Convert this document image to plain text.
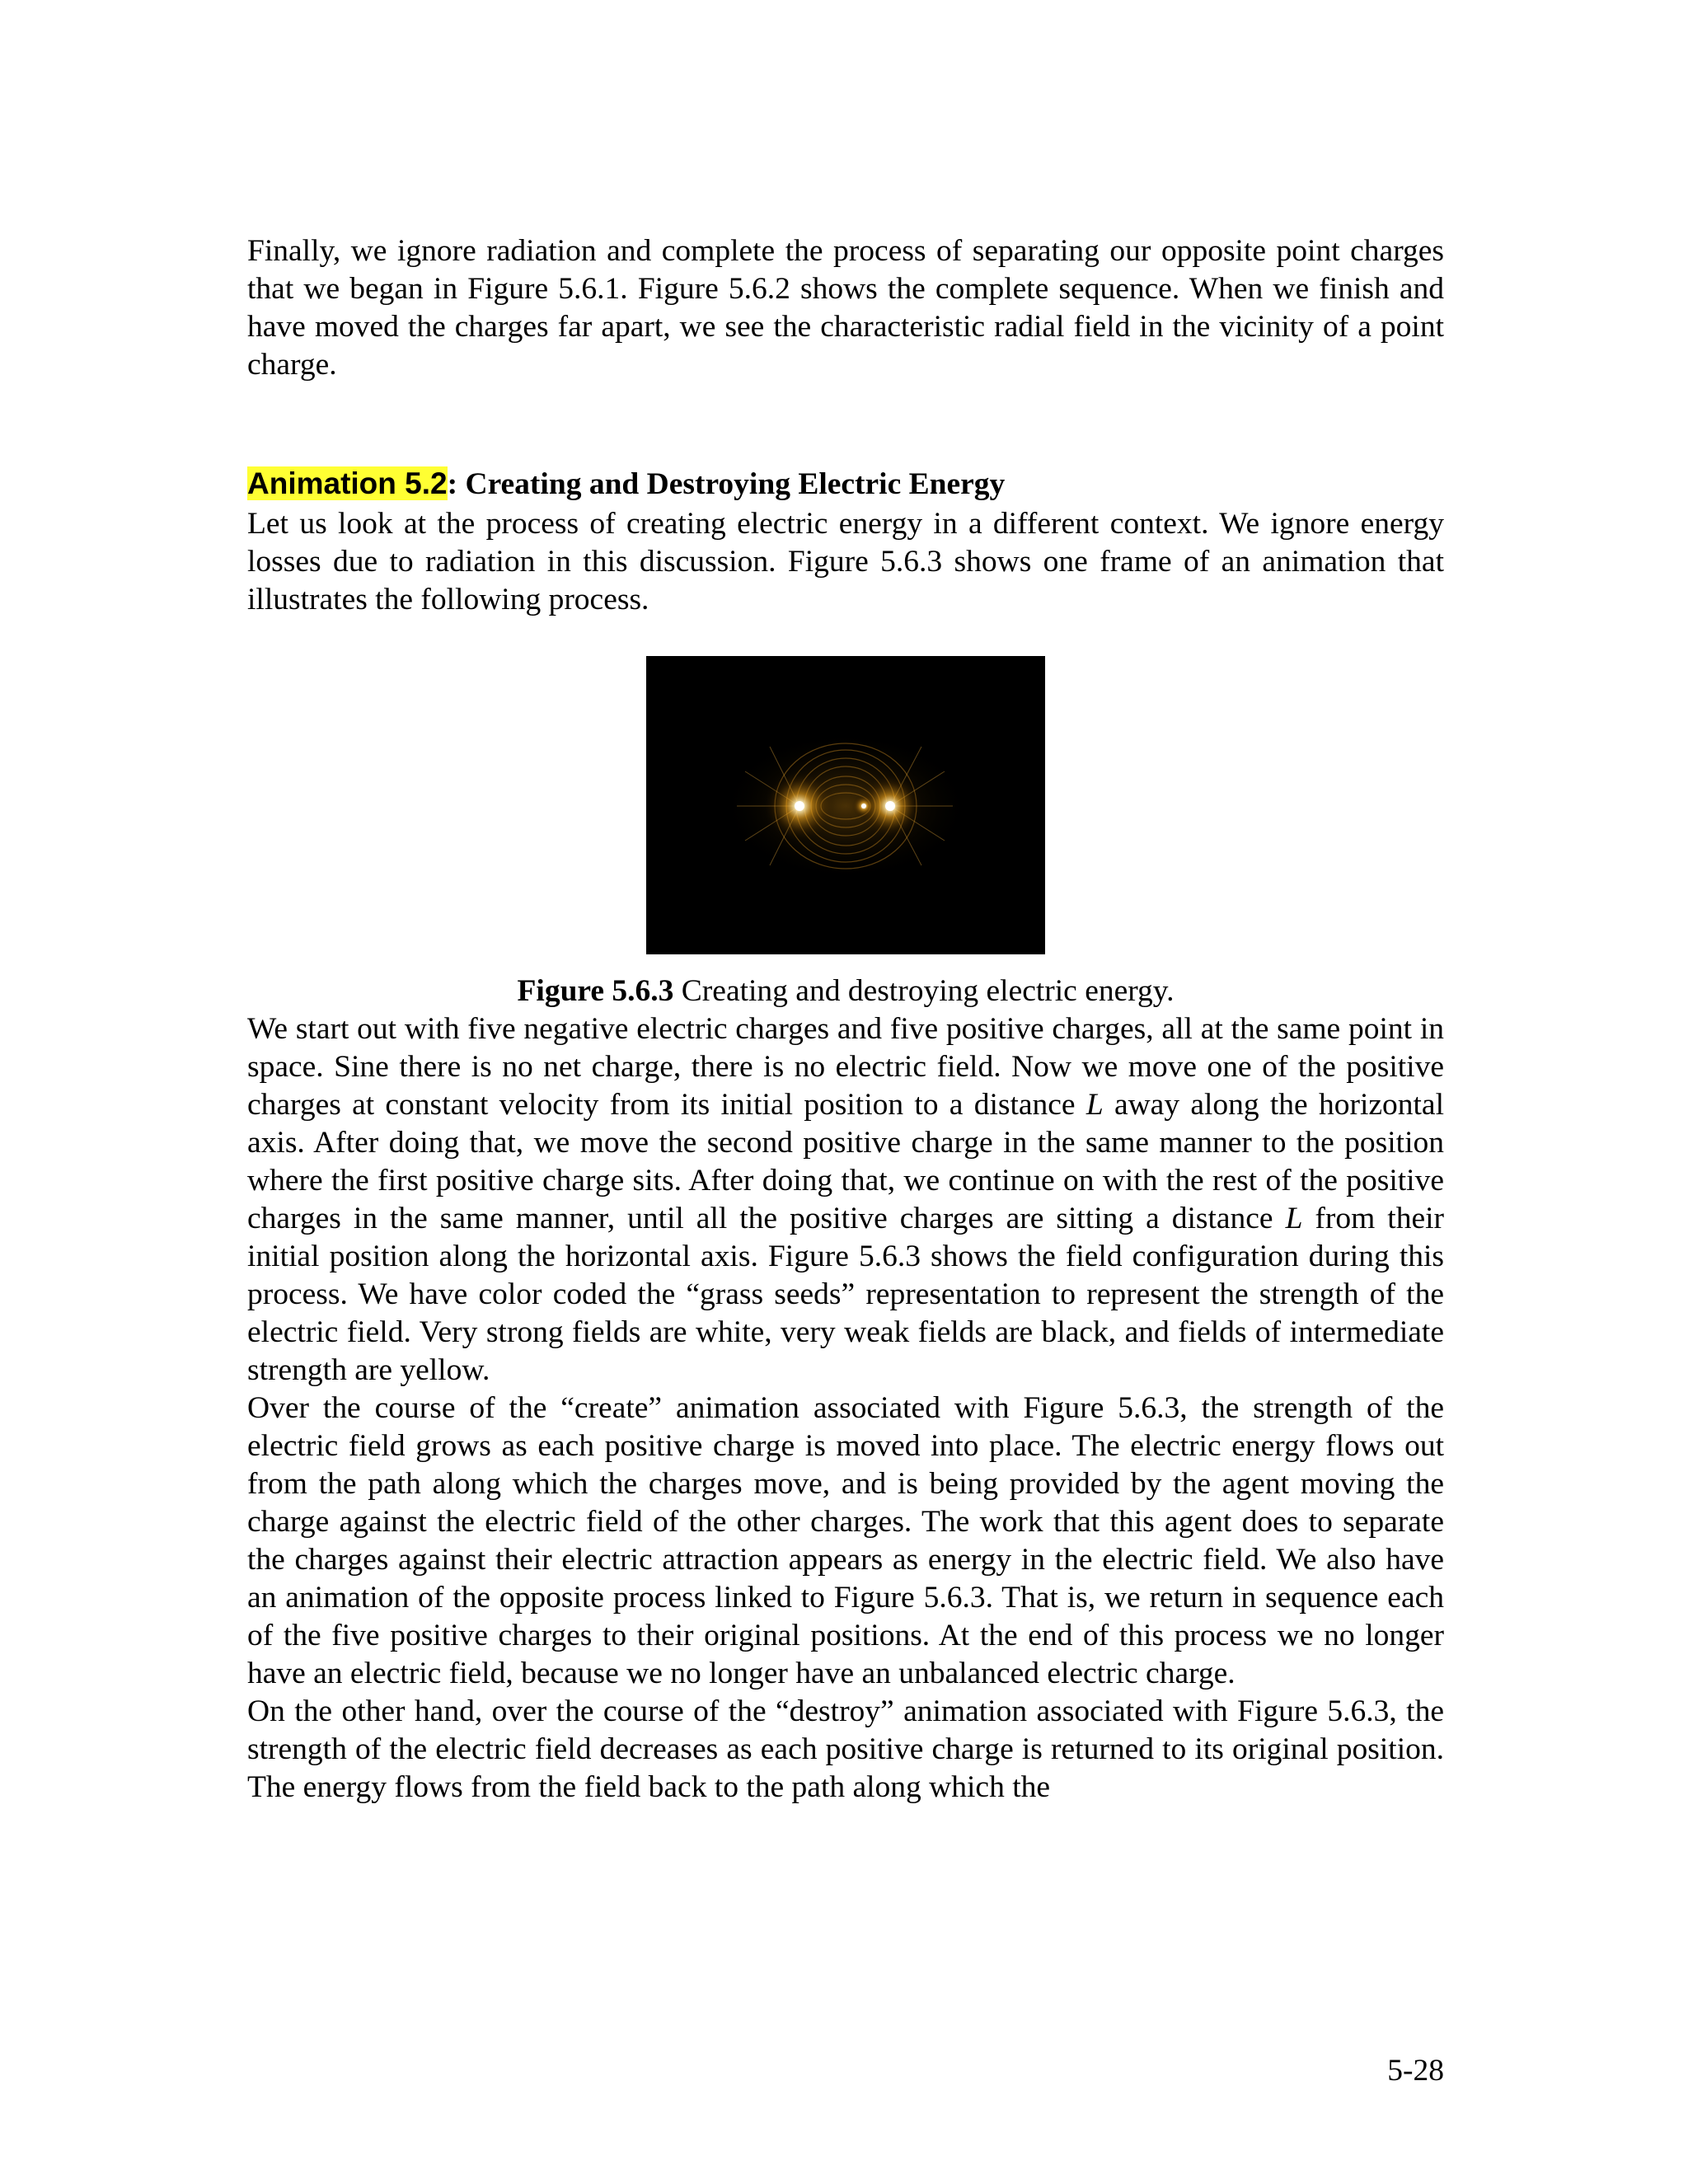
Finally, we ignore radiation and complete the process of separating our opposite point charges that we began in Figure 5.6.1. Figure 5.6.2 shows the complete sequence. When we finish and have moved the charges far apart, we see the characteristic radial field in the vicinity of a point charge.

Animation 5.2: Creating and Destroying Electric Energy

Let us look at the process of creating electric energy in a different context. We ignore energy losses due to radiation in this discussion. Figure 5.6.3 shows one frame of an animation that illustrates the following process.

Figure 5.6.3 Creating and destroying electric energy.

We start out with five negative electric charges and five positive charges, all at the same point in space. Sine there is no net charge, there is no electric field. Now we move one of the positive charges at constant velocity from its initial position to a distance L away along the horizontal axis. After doing that, we move the second positive charge in the same manner to the position where the first positive charge sits. After doing that, we continue on with the rest of the positive charges in the same manner, until all the positive charges are sitting a distance L from their initial position along the horizontal axis. Figure 5.6.3 shows the field configuration during this process. We have color coded the “grass seeds” representation to represent the strength of the electric field. Very strong fields are white, very weak fields are black, and fields of intermediate strength are yellow.

Over the course of the “create” animation associated with Figure 5.6.3, the strength of the electric field grows as each positive charge is moved into place. The electric energy flows out from the path along which the charges move, and is being provided by the agent moving the charge against the electric field of the other charges. The work that this agent does to separate the charges against their electric attraction appears as energy in the electric field. We also have an animation of the opposite process linked to Figure 5.6.3. That is, we return in sequence each of the five positive charges to their original positions. At the end of this process we no longer have an electric field, because we no longer have an unbalanced electric charge.

On the other hand, over the course of the “destroy” animation associated with Figure 5.6.3, the strength of the electric field decreases as each positive charge is returned to its original position. The energy flows from the field back to the path along which the

5-28
